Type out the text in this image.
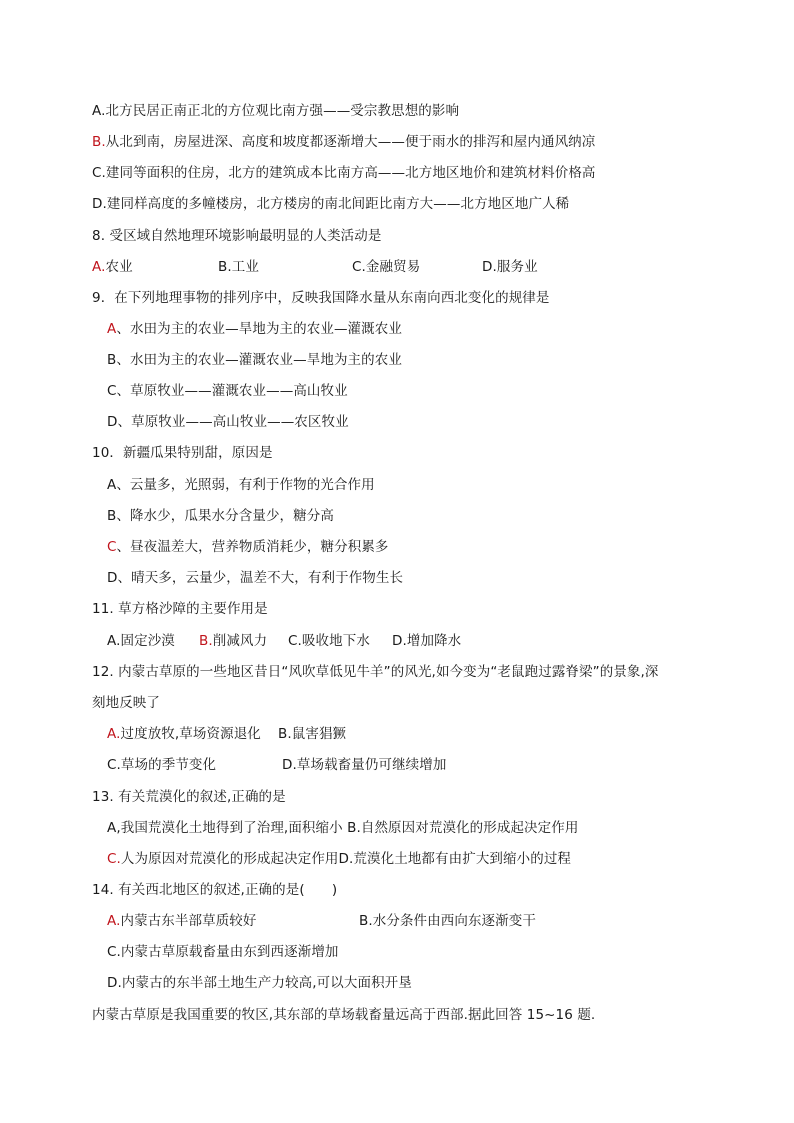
A.北方民居正南正北的方位观比南方强——受宗教思想的影响
B.从北到南，房屋进深、高度和坡度都逐渐增大——便于雨水的排泻和屋内通风纳凉
C.建同等面积的住房，北方的建筑成本比南方高——北方地区地价和建筑材料价格高
D.建同样高度的多幢楼房，北方楼房的南北间距比南方大——北方地区地广人稀
8. 受区域自然地理环境影响最明显的人类活动是
A.农业	B.工业	C.金融贸易	D.服务业
9．在下列地理事物的排列序中，反映我国降水量从东南向西北变化的规律是
A、水田为主的农业—旱地为主的农业—灌溉农业
B、水田为主的农业—灌溉农业—旱地为主的农业
C、草原牧业——灌溉农业——高山牧业
D、草原牧业——高山牧业——农区牧业
10．新疆瓜果特别甜，原因是
A、云量多，光照弱，有利于作物的光合作用
B、降水少，瓜果水分含量少，糖分高
C、昼夜温差大，营养物质消耗少，糖分积累多
D、晴天多，云量少，温差不大，有利于作物生长
11. 草方格沙障的主要作用是
A.固定沙漠 B.削减风力 C.吸收地下水 D.增加降水
12. 内蒙古草原的一些地区昔日“风吹草低见牛羊”的风光,如今变为“老鼠跑过露脊梁”的景象,深
刻地反映了
A.过度放牧,草场资源退化 B.鼠害猖獗
C.草场的季节变化	D.草场载畜量仍可继续增加
13. 有关荒漠化的叙述,正确的是
A,我国荒漠化土地得到了治理,面积缩小 B.自然原因对荒漠化的形成起决定作用
C.人为原因对荒漠化的形成起决定作用D.荒漠化土地都有由扩大到缩小的过程
14. 有关西北地区的叙述,正确的是(　　)
A.内蒙古东半部草质较好	B.水分条件由西向东逐渐变干
C.内蒙古草原载畜量由东到西逐渐增加
D.内蒙古的东半部土地生产力较高,可以大面积开垦
内蒙古草原是我国重要的牧区,其东部的草场载畜量远高于西部.据此回答 15~16 题.
